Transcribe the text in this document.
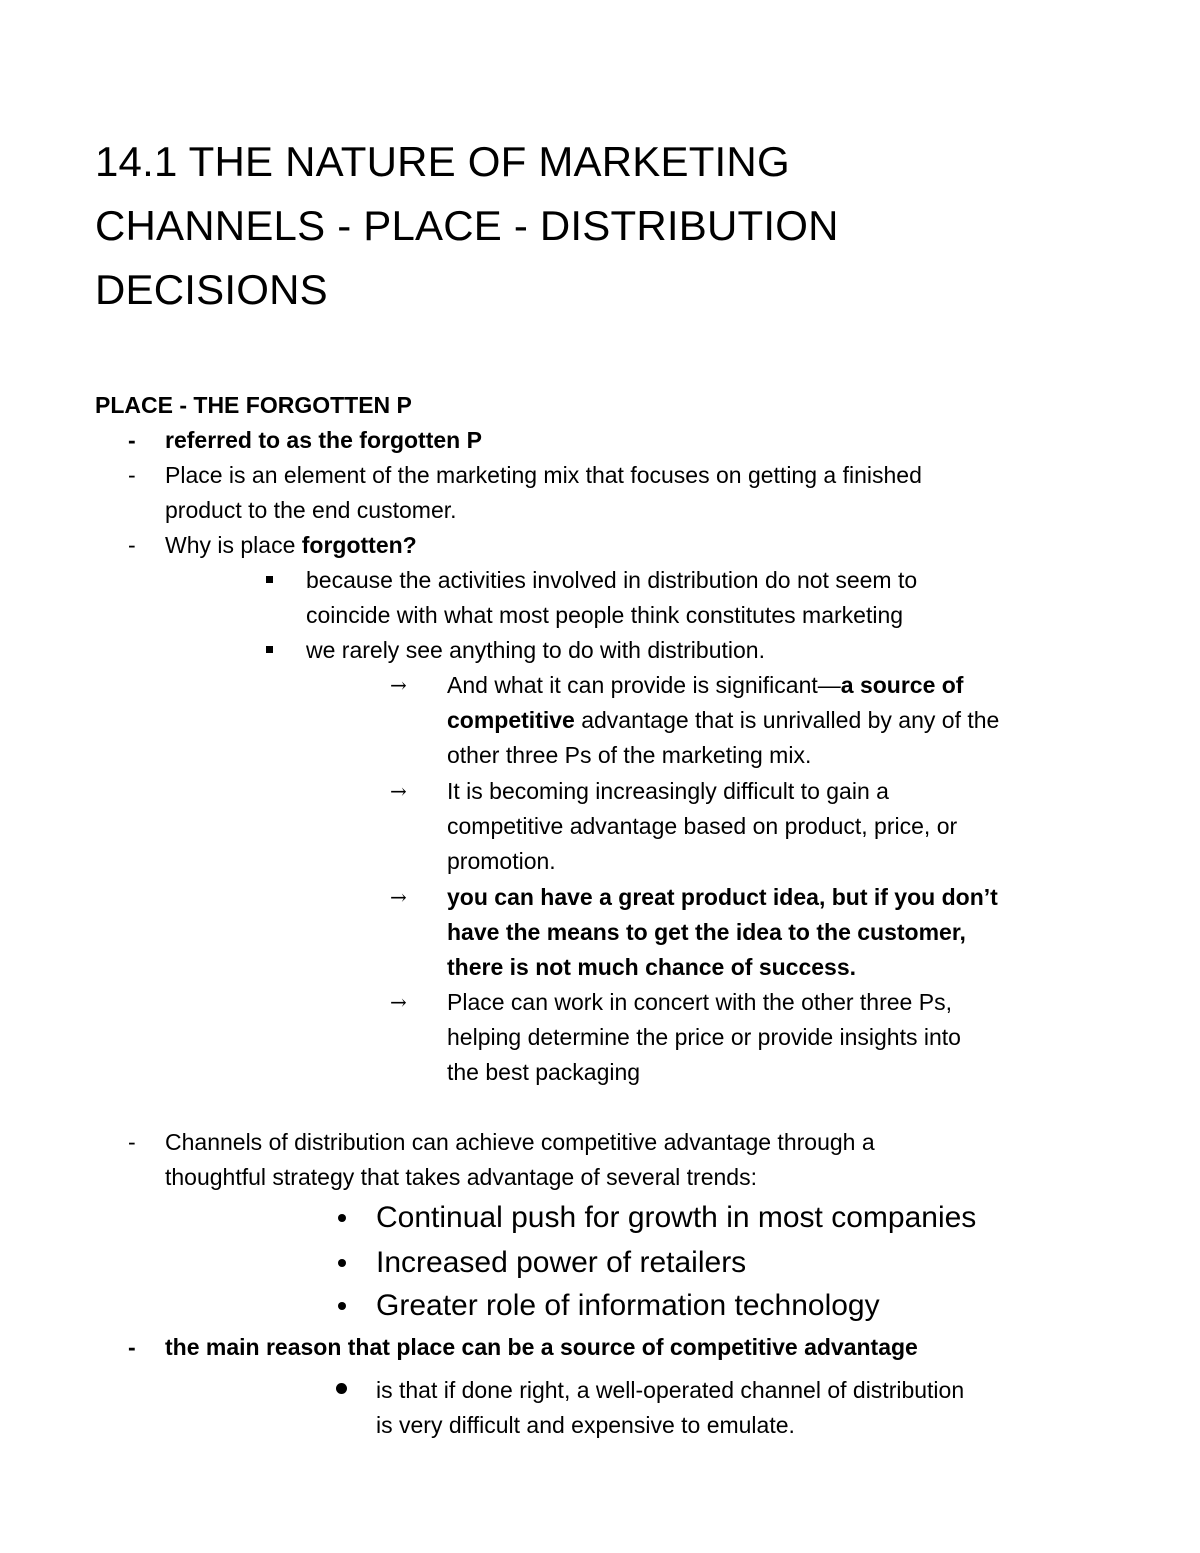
14.1 THE NATURE OF MARKETING
CHANNELS - PLACE - DISTRIBUTION
DECISIONS
PLACE - THE FORGOTTEN P
- referred to as the forgotten P
- Place is an element of the marketing mix that focuses on getting a finished
product to the end customer.
- Why is place forgotten?
because the activities involved in distribution do not seem to
coincide with what most people think constitutes marketing
we rarely see anything to do with distribution.
→ And what it can provide is significant—a source of
competitive advantage that is unrivalled by any of the
other three Ps of the marketing mix.
→ It is becoming increasingly difficult to gain a
competitive advantage based on product, price, or
promotion.
→ you can have a great product idea, but if you don’t
have the means to get the idea to the customer,
there is not much chance of success.
→ Place can work in concert with the other three Ps,
helping determine the price or provide insights into
the best packaging
- Channels of distribution can achieve competitive advantage through a
thoughtful strategy that takes advantage of several trends:
Continual push for growth in most companies
Increased power of retailers
Greater role of information technology
- the main reason that place can be a source of competitive advantage
is that if done right, a well-operated channel of distribution
is very difficult and expensive to emulate.
